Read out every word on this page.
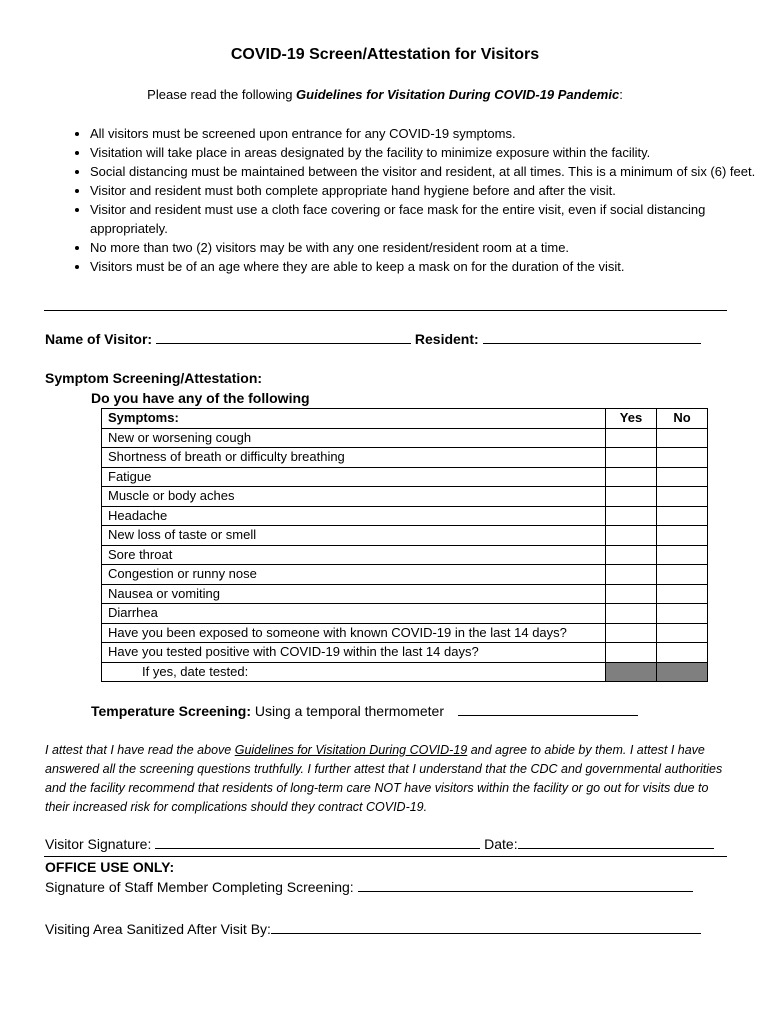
COVID-19 Screen/Attestation for Visitors
Please read the following Guidelines for Visitation During COVID-19 Pandemic:
• All visitors must be screened upon entrance for any COVID-19 symptoms.
• Visitation will take place in areas designated by the facility to minimize exposure within the facility.
• Social distancing must be maintained between the visitor and resident, at all times. This is a minimum of six (6) feet.
• Visitor and resident must both complete appropriate hand hygiene before and after the visit.
• Visitor and resident must use a cloth face covering or face mask for the entire visit, even if social distancing appropriately.
• No more than two (2) visitors may be with any one resident/resident room at a time.
• Visitors must be of an age where they are able to keep a mask on for the duration of the visit.
Name of Visitor:	Resident:
Symptom Screening/Attestation:
Do you have any of the following
Symptoms:	Yes	No
New or worsening cough		
Shortness of breath or difficulty breathing		
Fatigue		
Muscle or body aches		
Headache		
New loss of taste or smell		
Sore throat		
Congestion or runny nose		
Nausea or vomiting		
Diarrhea		
Have you been exposed to someone with known COVID-19 in the last 14 days?		
Have you tested positive with COVID-19 within the last 14 days?		
If yes, date tested:		
Temperature Screening: Using a temporal thermometer
I attest that I have read the above Guidelines for Visitation During COVID-19 and agree to abide by them. I attest I have answered all the screening questions truthfully. I further attest that I understand that the CDC and governmental authorities and the facility recommend that residents of long-term care NOT have visitors within the facility or go out for visits due to their increased risk for complications should they contract COVID-19.
Visitor Signature:	Date:
OFFICE USE ONLY:
Signature of Staff Member Completing Screening:
Visiting Area Sanitized After Visit By:
